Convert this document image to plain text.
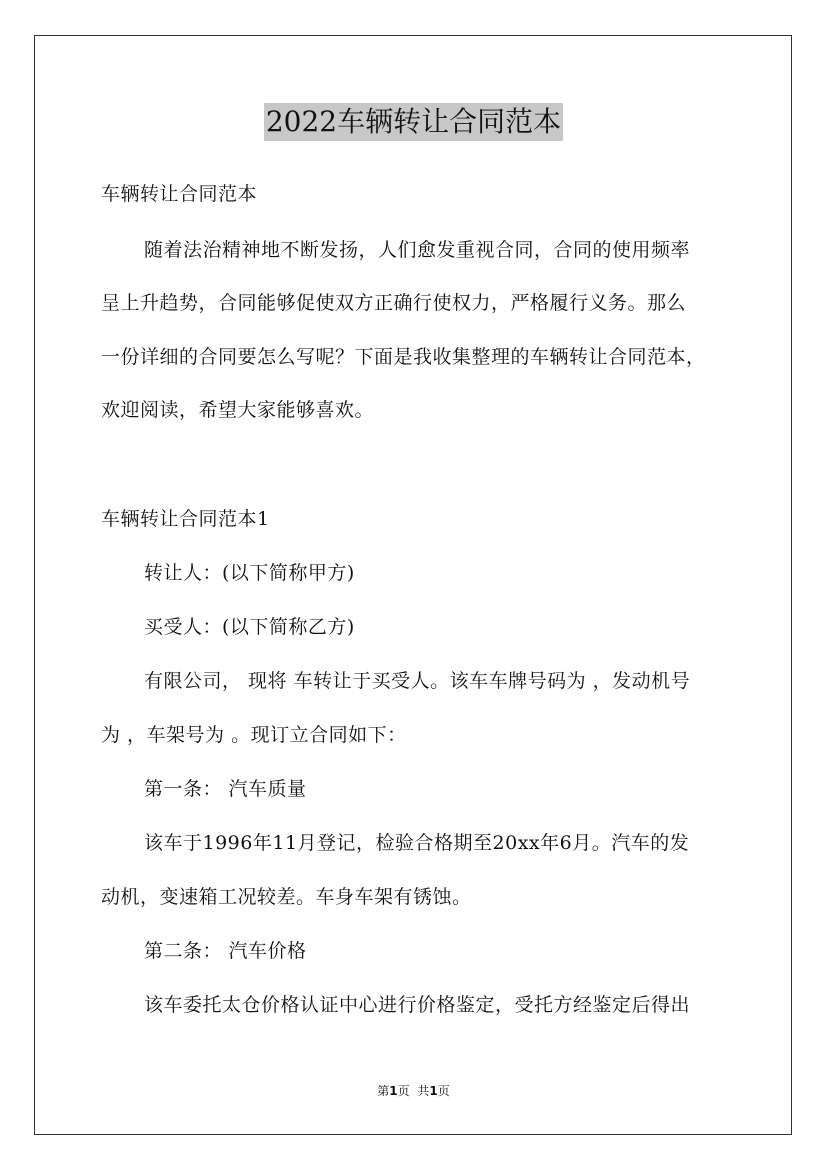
2022车辆转让合同范本
车辆转让合同范本
随着法治精神地不断发扬，人们愈发重视合同，合同的使用频率
呈上升趋势，合同能够促使双方正确行使权力，严格履行义务。那么
一份详细的合同要怎么写呢？下面是我收集整理的车辆转让合同范本，
欢迎阅读，希望大家能够喜欢。
车辆转让合同范本1
转让人：(以下简称甲方)
买受人：(以下简称乙方)
有限公司， 现将 车转让于买受人。该车车牌号码为 ，发动机号
为 ，车架号为 。现订立合同如下：
第一条： 汽车质量
该车于1996年11月登记，检验合格期至20xx年6月。汽车的发
动机，变速箱工况较差。车身车架有锈蚀。
第二条： 汽车价格
该车委托太仓价格认证中心进行价格鉴定，受托方经鉴定后得出
第1页 共1页
